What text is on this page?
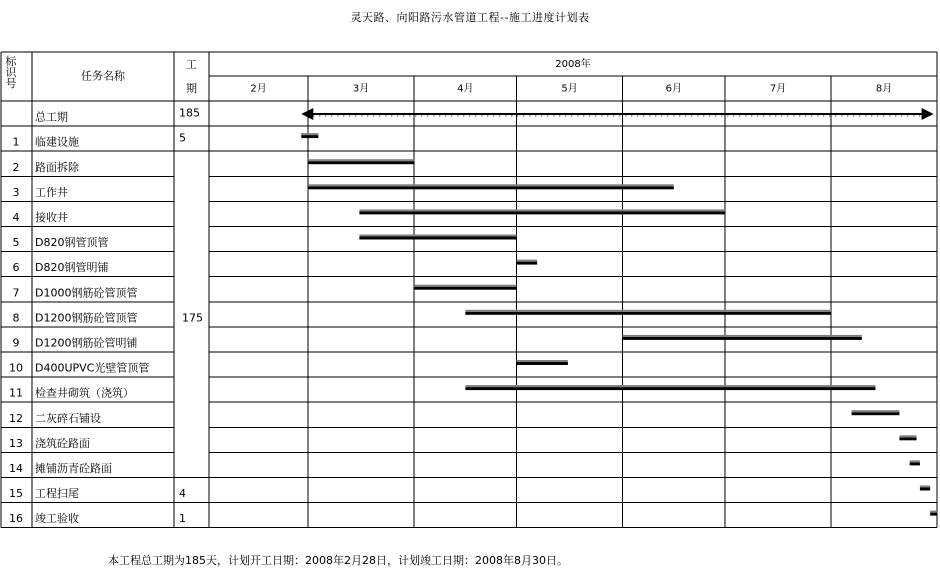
灵天路、向阳路污水管道工程--施工进度计划表
标
识
号
任务名称
工
期
2008年
2月	3月	4月	5月	6月	7月	8月
总工期	185
1 临建设施	5
2 路面拆除
3 工作井
4 接收井
5 D820钢管顶管
6 D820钢管明铺
7 D1000钢筋砼管顶管
8 D1200钢筋砼管顶管
9 D1200钢筋砼管明铺
10 D400UPVC光壁管顶管
11 检查井砌筑（浇筑）
12 二灰碎石铺设
13 浇筑砼路面
14 摊铺沥青砼路面
15 工程扫尾	4
16 竣工验收	1
175
本工程总工期为185天，计划开工日期：2008年2月28日，计划竣工日期：2008年8月30日。
